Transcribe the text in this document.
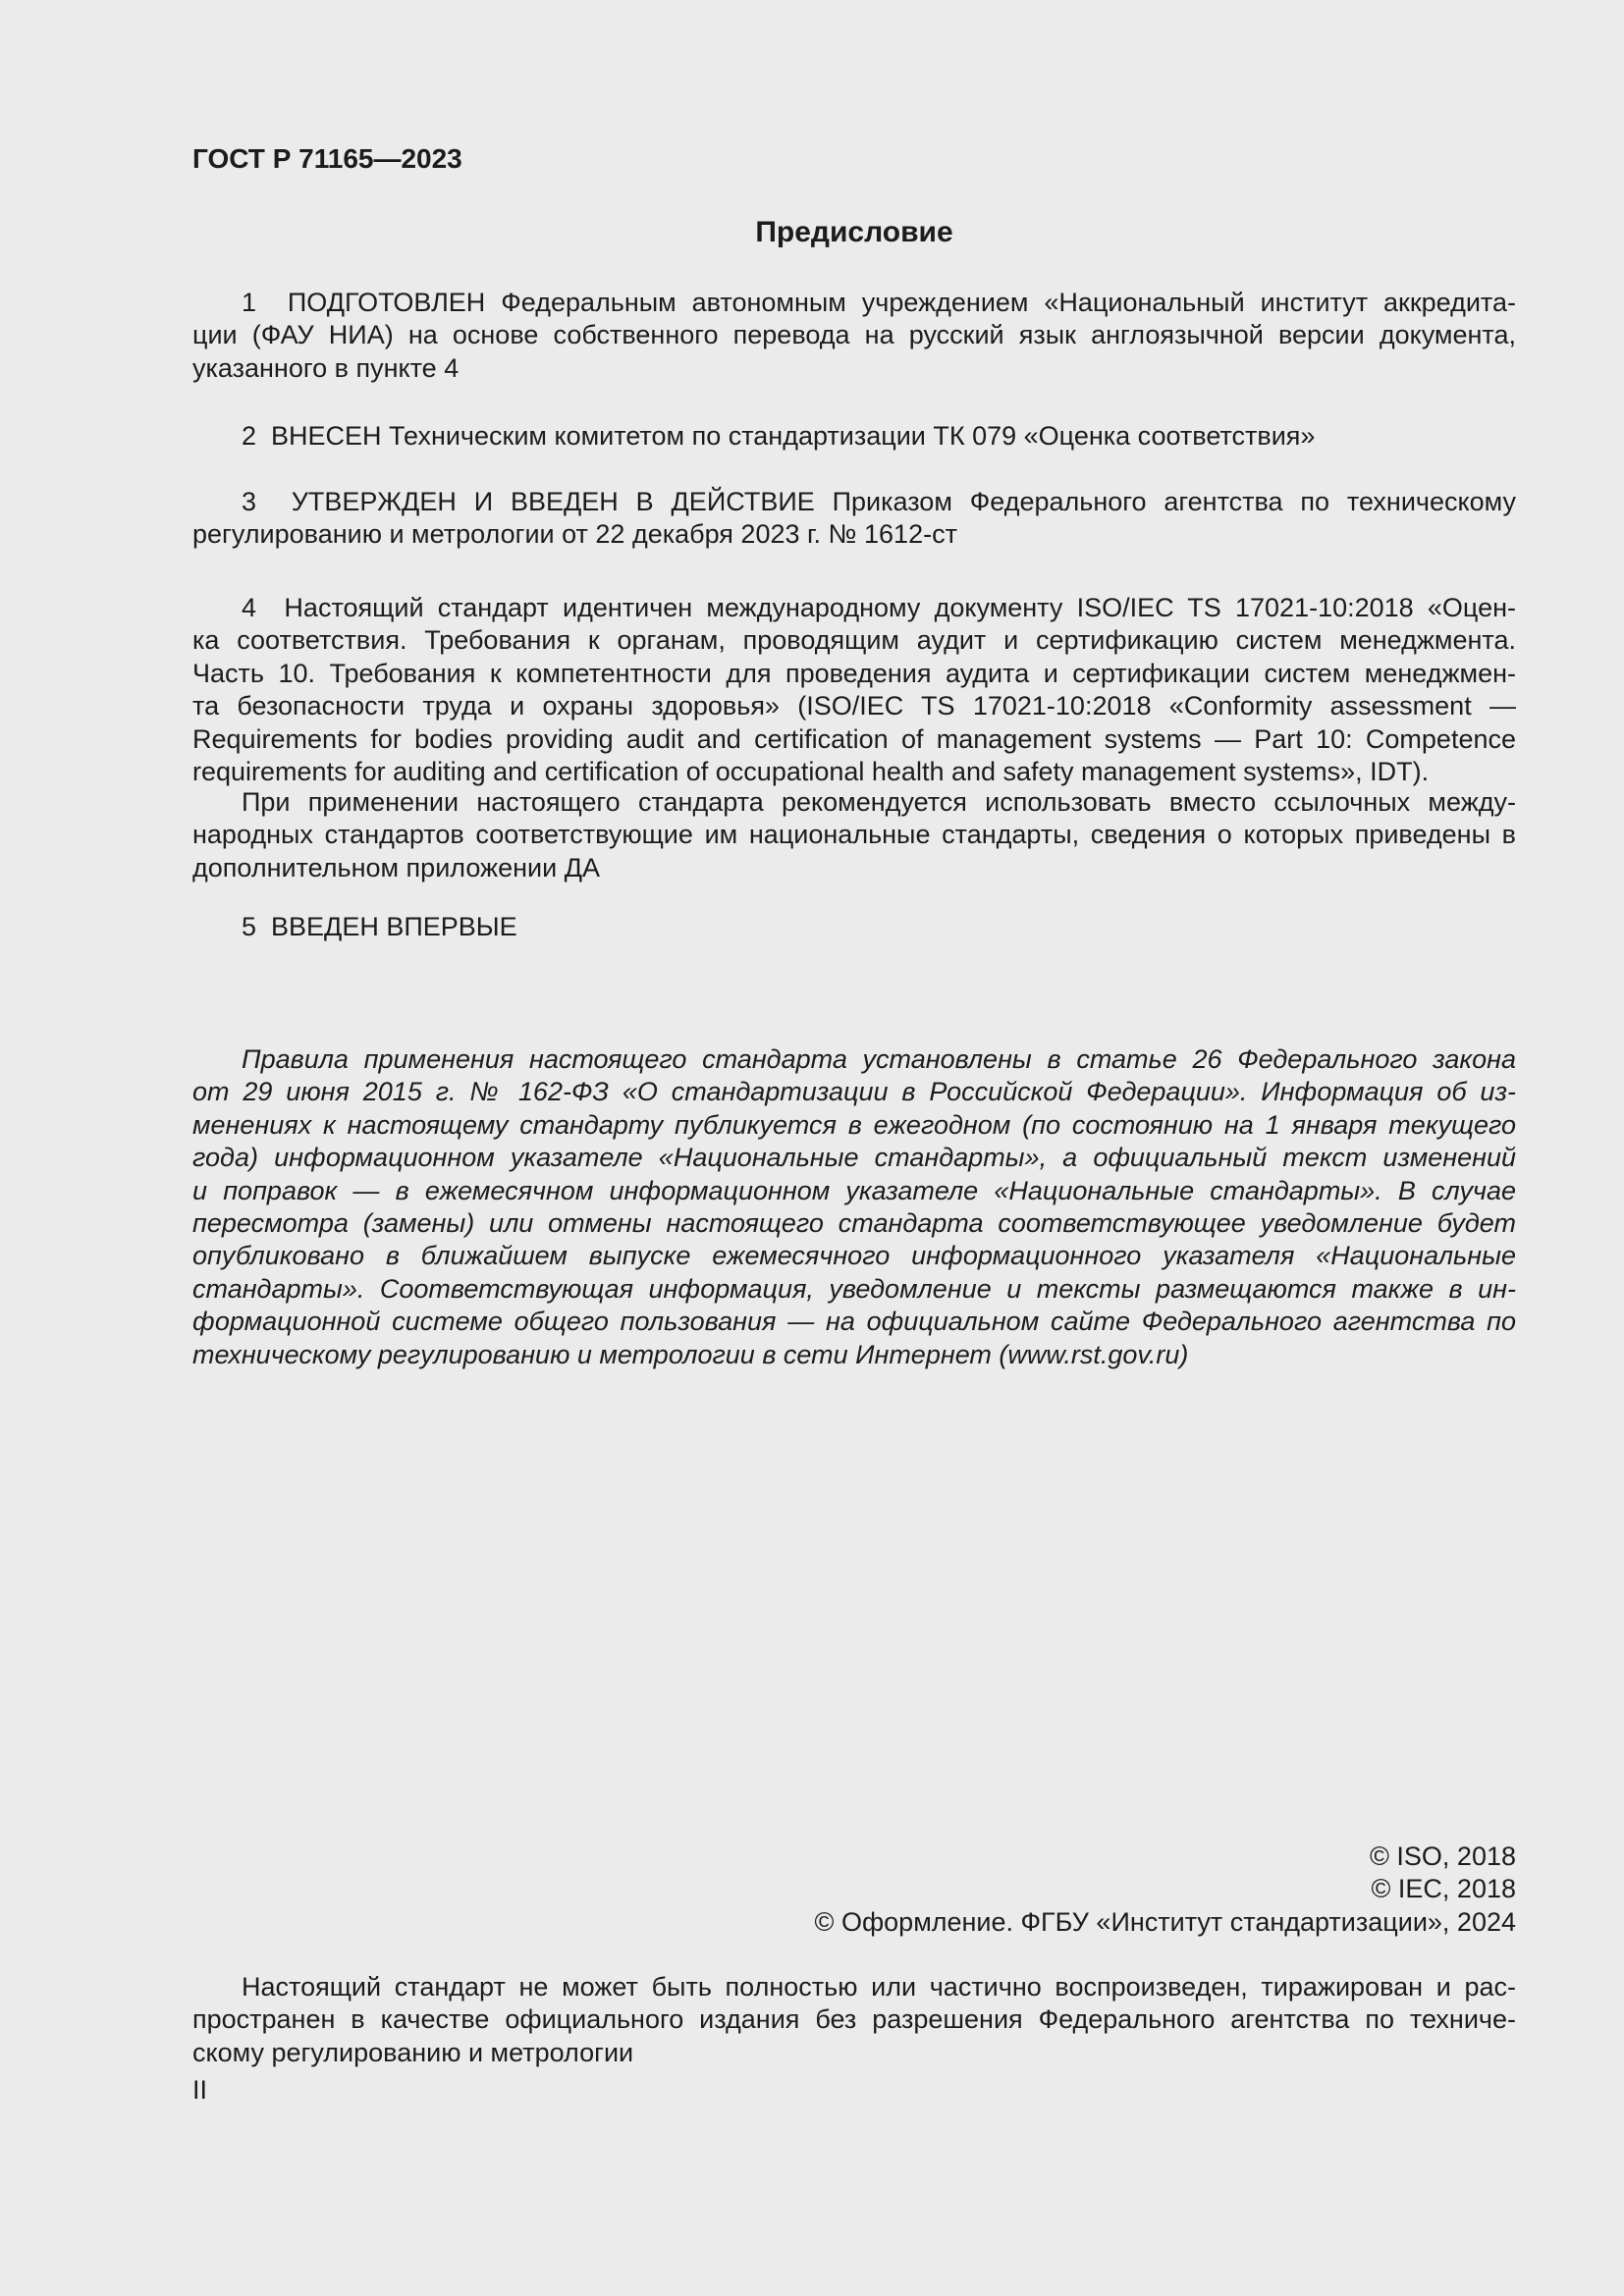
ГОСТ Р 71165—2023
Предисловие
1  ПОДГОТОВЛЕН Федеральным автономным учреждением «Национальный институт аккредита-
ции (ФАУ НИА) на основе собственного перевода на русский язык англоязычной версии документа,
указанного в пункте 4
2  ВНЕСЕН Техническим комитетом по стандартизации ТК 079 «Оценка соответствия»
3  УТВЕРЖДЕН И ВВЕДЕН В ДЕЙСТВИЕ Приказом Федерального агентства по техническому
регулированию и метрологии от 22 декабря 2023 г. № 1612-ст
4  Настоящий стандарт идентичен международному документу ISO/IEC TS 17021-10:2018 «Оцен-
ка соответствия. Требования к органам, проводящим аудит и сертификацию систем менеджмента.
Часть 10. Требования к компетентности для проведения аудита и сертификации систем менеджмен-
та безопасности труда и охраны здоровья» (ISO/IEC TS 17021-10:2018 «Conformity assessment —
Requirements for bodies providing audit and certification of management systems — Part 10: Competence
requirements for auditing and certification of occupational health and safety management systems», IDT).
При применении настоящего стандарта рекомендуется использовать вместо ссылочных между-
народных стандартов соответствующие им национальные стандарты, сведения о которых приведены в
дополнительном приложении ДА
5  ВВЕДЕН ВПЕРВЫЕ
Правила применения настоящего стандарта установлены в статье 26 Федерального закона
от 29 июня 2015 г. № 162-ФЗ «О стандартизации в Российской Федерации». Информация об из-
менениях к настоящему стандарту публикуется в ежегодном (по состоянию на 1 января текущего
года) информационном указателе «Национальные стандарты», а официальный текст изменений
и поправок — в ежемесячном информационном указателе «Национальные стандарты». В случае
пересмотра (замены) или отмены настоящего стандарта соответствующее уведомление будет
опубликовано в ближайшем выпуске ежемесячного информационного указателя «Национальные
стандарты». Соответствующая информация, уведомление и тексты размещаются также в ин-
формационной системе общего пользования — на официальном сайте Федерального агентства по
техническому регулированию и метрологии в сети Интернет (www.rst.gov.ru)
© ISO, 2018
© IEC, 2018
© Оформление. ФГБУ «Институт стандартизации», 2024
Настоящий стандарт не может быть полностью или частично воспроизведен, тиражирован и рас-
пространен в качестве официального издания без разрешения Федерального агентства по техниче-
скому регулированию и метрологии
II
